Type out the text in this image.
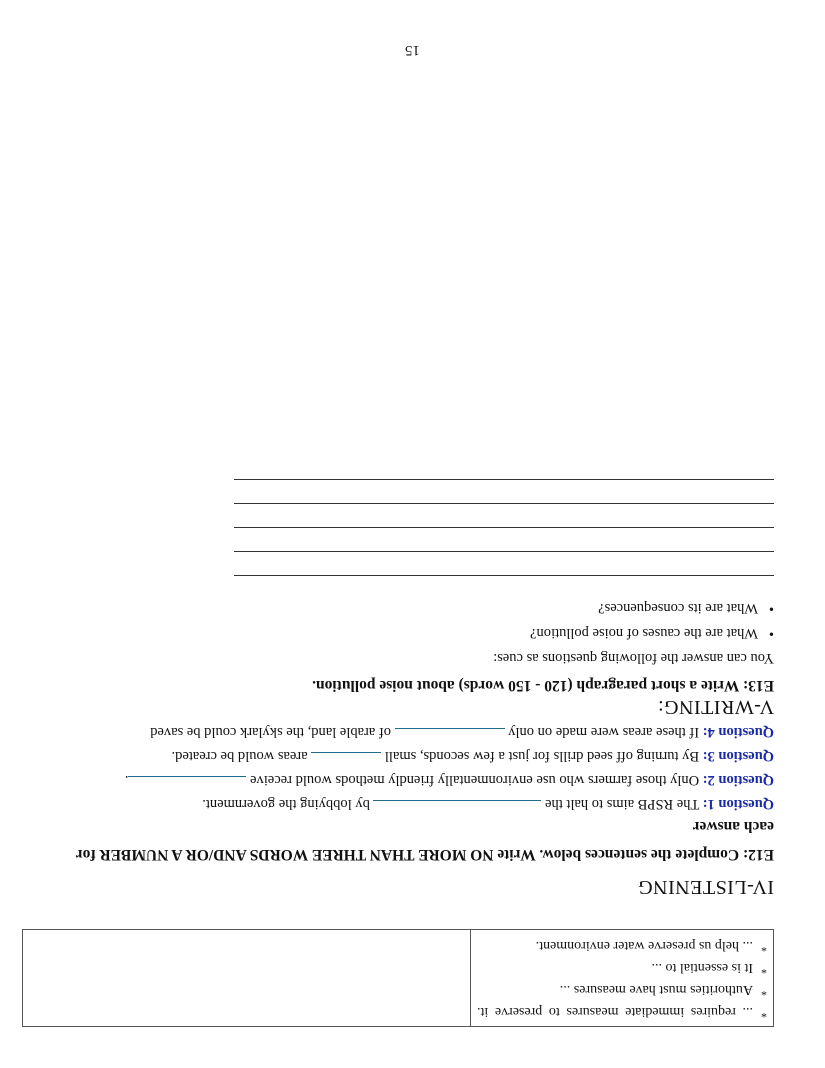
15
*
... requires immediate measures to preserve it.
*
Authorities must have measures ...
*
It is essential to ...
*
... help us preserve water environment.

IV-LISTENING
E12: Complete the sentences below. Write NO MORE THAN THREE WORDS AND/OR A NUMBER for each answer
Question 1: The RSPB aims to halt the  by lobbying the government.
Question 2: Only those farmers who use environmentally friendly methods would receive .
Question 3: By turning off seed drills for just a few seconds, small  areas would be created.
Question 4: If these areas were made on only  of arable land, the skylark could be saved
V-WRITING:
E13: Write a short paragraph (120 - 150 words) about noise pollution.
You can answer the following questions as cues:
•What are the causes of noise pollution?
•What are its consequences?
